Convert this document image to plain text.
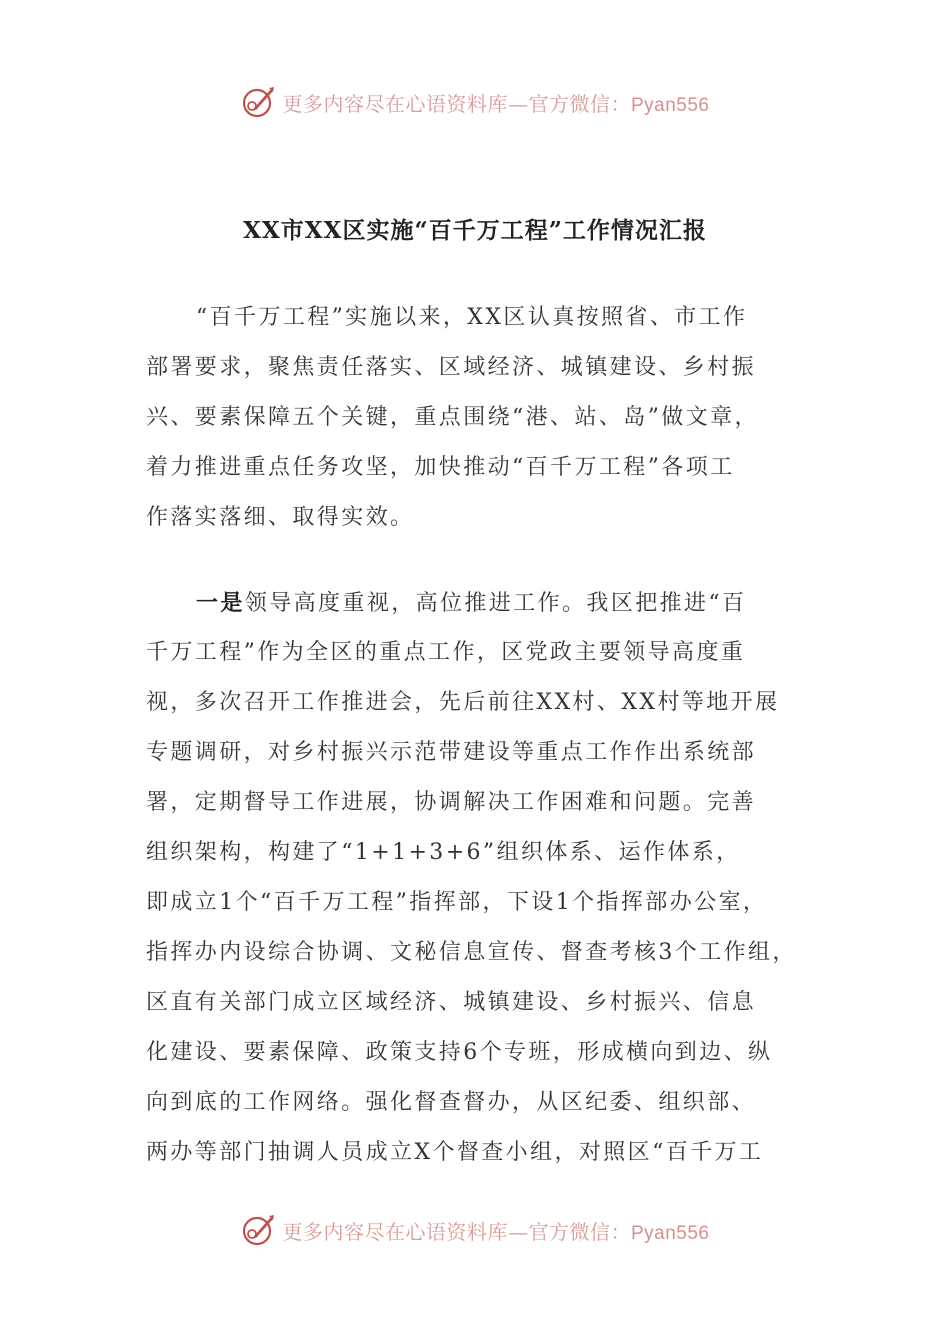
更多内容尽在心语资料库—官方微信：Pyan556
XX市XX区实施“百千万工程”工作情况汇报
“百千万工程”实施以来，XX区认真按照省、市工作
部署要求，聚焦责任落实、区域经济、城镇建设、乡村振
兴、要素保障五个关键，重点围绕“港、站、岛”做文章，
着力推进重点任务攻坚，加快推动“百千万工程”各项工
作落实落细、取得实效。
一是领导高度重视，高位推进工作。我区把推进“百
千万工程”作为全区的重点工作，区党政主要领导高度重
视，多次召开工作推进会，先后前往XX村、XX村等地开展
专题调研，对乡村振兴示范带建设等重点工作作出系统部
署，定期督导工作进展，协调解决工作困难和问题。完善
组织架构，构建了“1+1+3+6”组织体系、运作体系，
即成立1个“百千万工程”指挥部，下设1个指挥部办公室，
指挥办内设综合协调、文秘信息宣传、督查考核3个工作组，
区直有关部门成立区域经济、城镇建设、乡村振兴、信息
化建设、要素保障、政策支持6个专班，形成横向到边、纵
向到底的工作网络。强化督查督办，从区纪委、组织部、
两办等部门抽调人员成立X个督查小组，对照区“百千万工
更多内容尽在心语资料库—官方微信：Pyan556
